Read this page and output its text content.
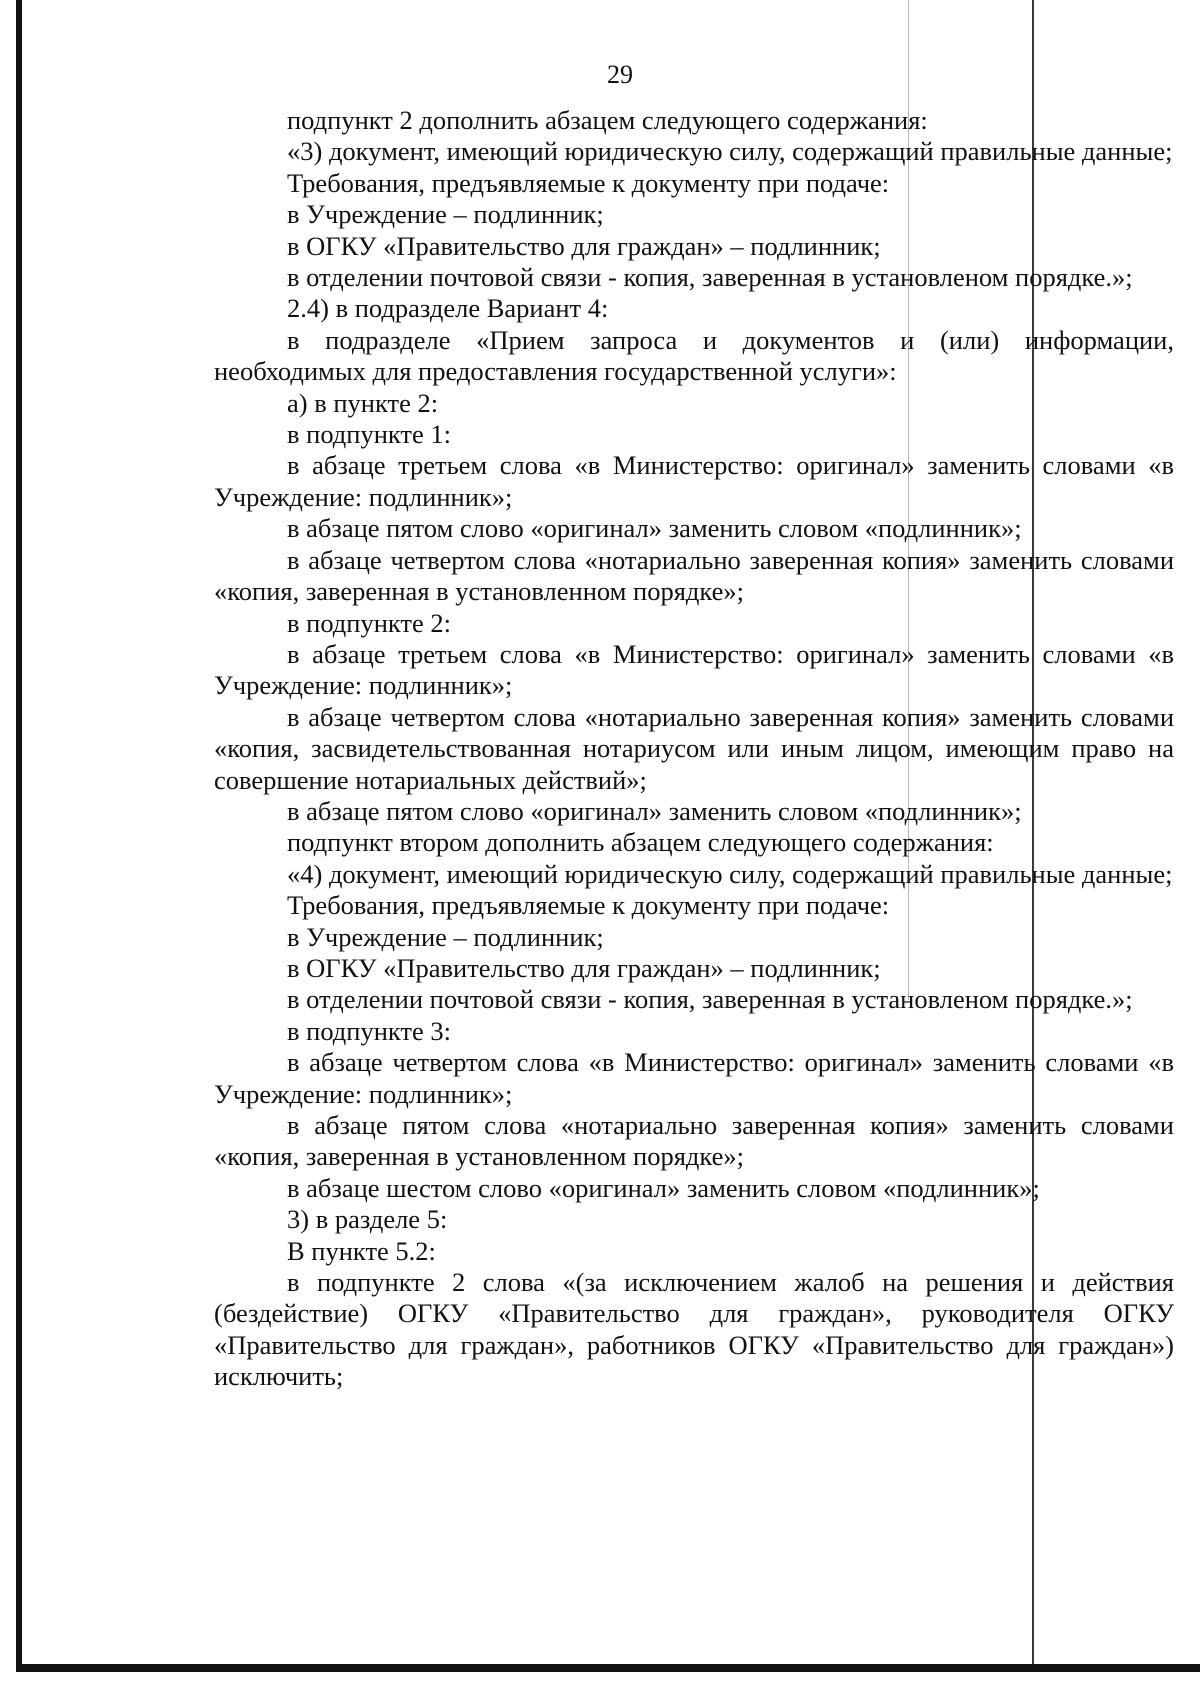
29

подпункт 2 дополнить абзацем следующего содержания:

«3) документ, имеющий юридическую силу, содержащий правильные данные;

Требования, предъявляемые к документу при подаче:

в Учреждение – подлинник;

в ОГКУ «Правительство для граждан» – подлинник;

в отделении почтовой связи - копия, заверенная в установленом порядке.»;

2.4) в подразделе Вариант 4:

в подразделе «Прием запроса и документов и (или) информации, необходимых для предоставления государственной услуги»:

а) в пункте 2:

в подпункте 1:

в абзаце третьем слова «в Министерство: оригинал» заменить словами «в Учреждение: подлинник»;

в абзаце пятом слово «оригинал» заменить словом «подлинник»;

в абзаце четвертом слова «нотариально заверенная копия» заменить словами «копия, заверенная в установленном порядке»;

в подпункте 2:

в абзаце третьем слова «в Министерство: оригинал» заменить словами «в Учреждение: подлинник»;

в абзаце четвертом слова «нотариально заверенная копия» заменить словами «копия, засвидетельствованная нотариусом или иным лицом, имеющим право на совершение нотариальных действий»;

в абзаце пятом слово «оригинал» заменить словом «подлинник»;

подпункт втором дополнить абзацем следующего содержания:

«4) документ, имеющий юридическую силу, содержащий правильные данные;

Требования, предъявляемые к документу при подаче:

в Учреждение – подлинник;

в ОГКУ «Правительство для граждан» – подлинник;

в отделении почтовой связи - копия, заверенная в установленом порядке.»;

в подпункте 3:

в абзаце четвертом слова «в Министерство: оригинал» заменить словами «в Учреждение: подлинник»;

в абзаце пятом слова «нотариально заверенная копия» заменить словами «копия, заверенная в установленном порядке»;

в абзаце шестом слово «оригинал» заменить словом «подлинник»;

3) в разделе 5:

В пункте 5.2:

в подпункте 2 слова «(за исключением жалоб на решения и действия (бездействие) ОГКУ «Правительство для граждан», руководителя ОГКУ «Правительство для граждан», работников ОГКУ «Правительство для граждан») исключить;
